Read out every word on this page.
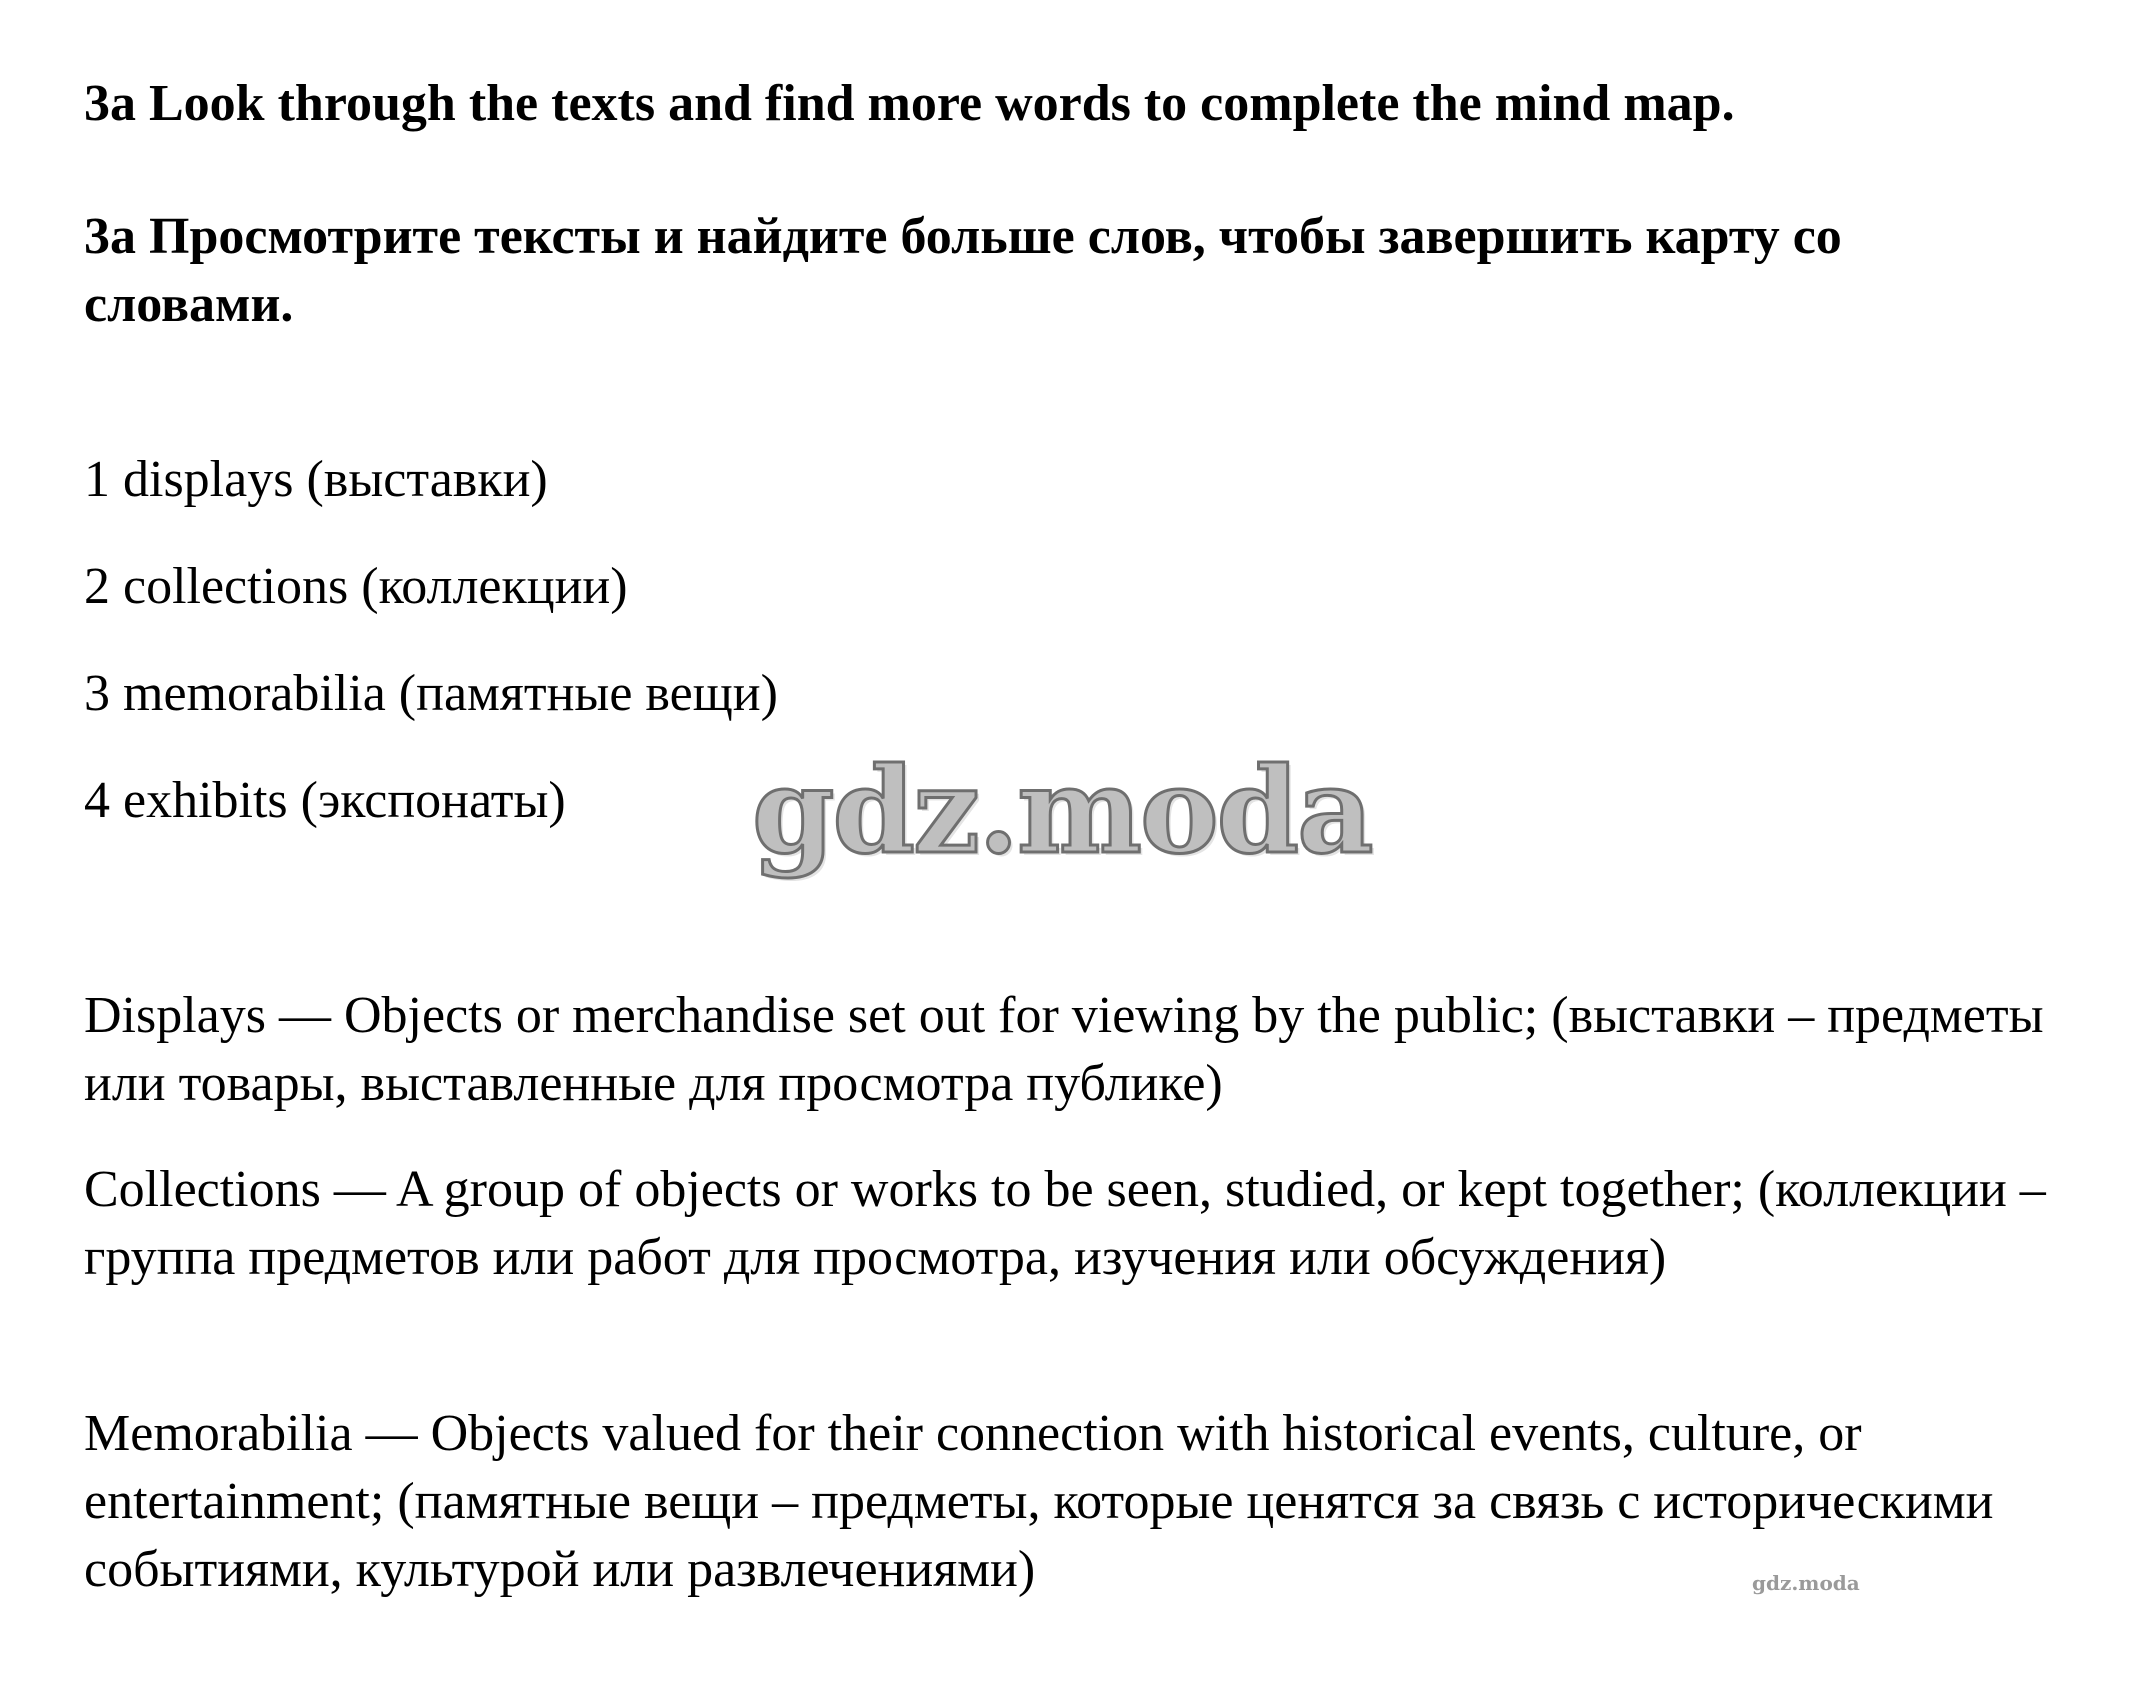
3a Look through the texts and find more words to complete the mind map.
3a Просмотрите тексты и найдите больше слов, чтобы завершить карту со словами.

1 displays (выставки)

2 collections (коллекции)

3 memorabilia (памятные вещи)

4 exhibits (экспонаты) gdz.moda

Displays — Objects or merchandise set out for viewing by the public; (выставки – предметы или товары, выставленные для просмотра публике)

Collections — A group of objects or works to be seen, studied, or kept together; (коллекции – группа предметов или работ для просмотра, изучения или обсуждения)

Memorabilia — Objects valued for their connection with historical events, culture, or entertainment; (памятные вещи – предметы, которые ценятся за связь с историческими событиями, культурой или развлечениями)	gdz.moda
